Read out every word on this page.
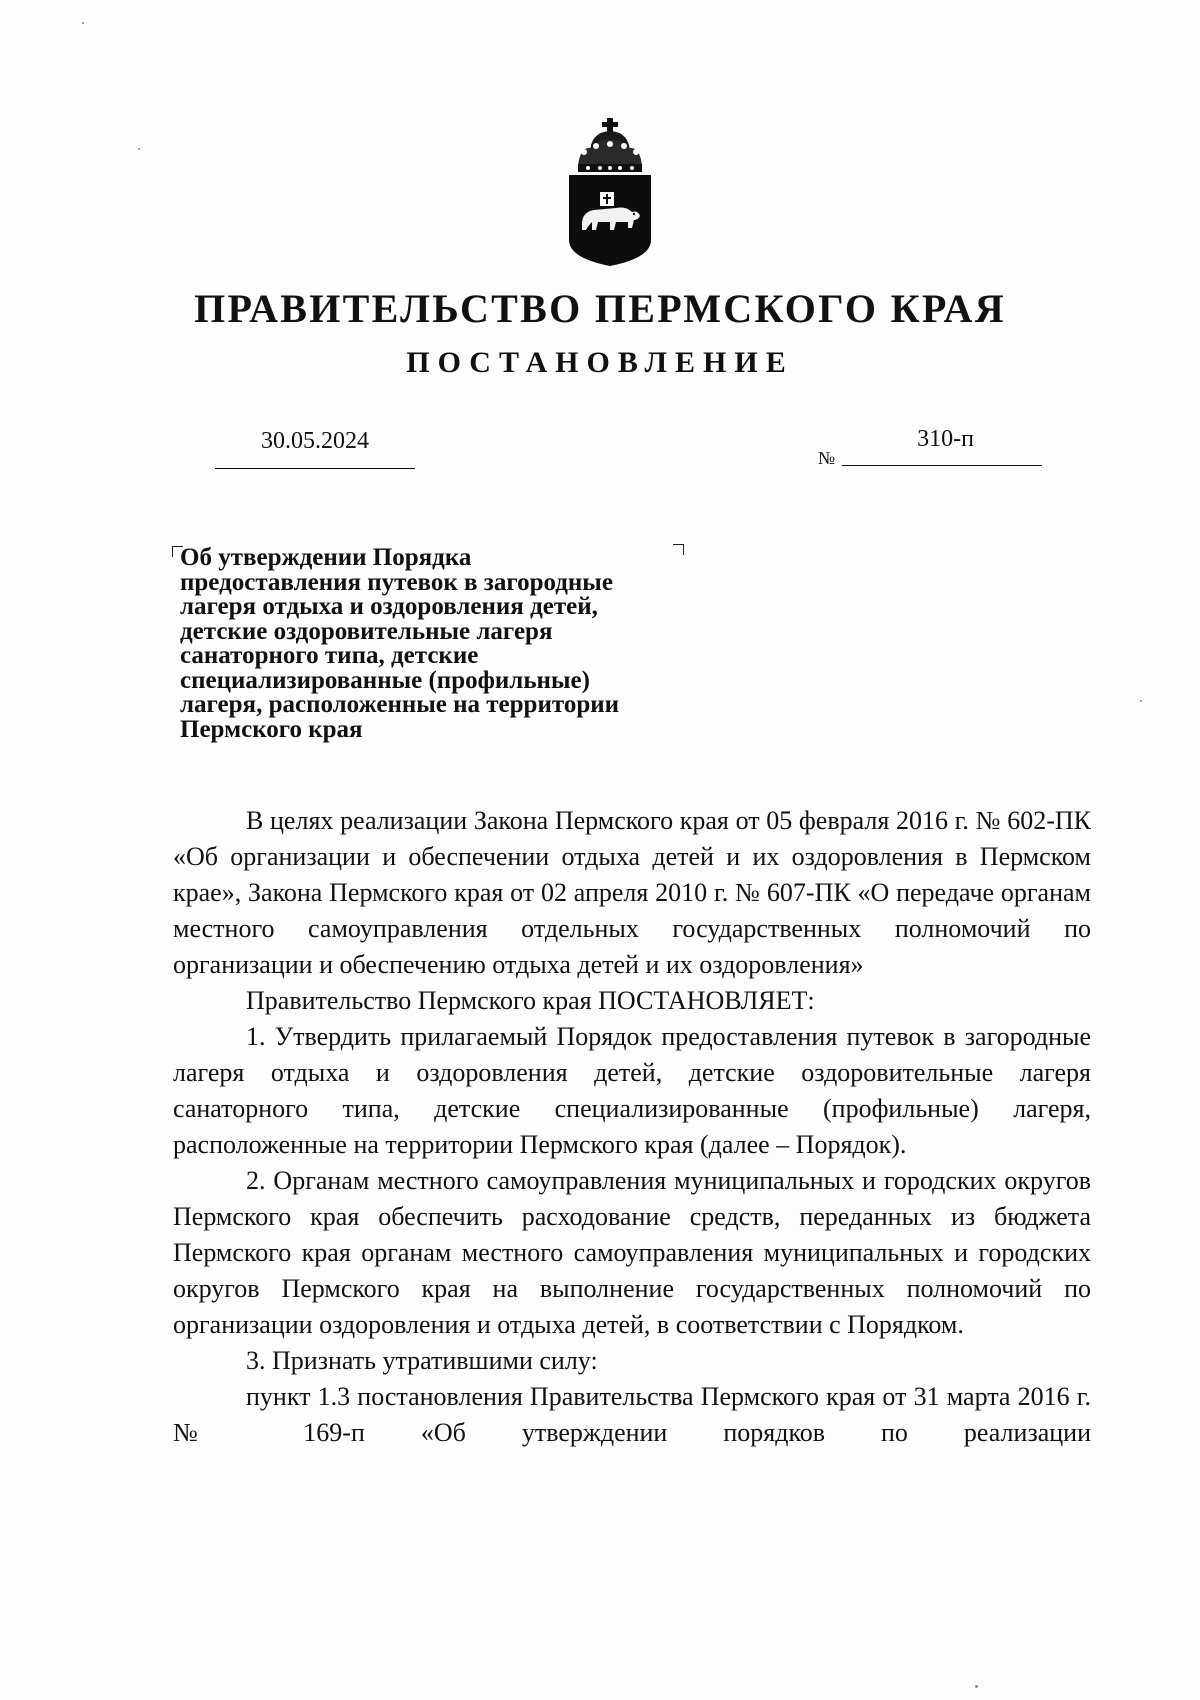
ПРАВИТЕЛЬСТВО ПЕРМСКОГО КРАЯ
ПОСТАНОВЛЕНИЕ
30.05.2024
№
310-п
Об утверждении Порядка
предоставления путевок в загородные
лагеря отдыха и оздоровления детей,
детские оздоровительные лагеря
санаторного типа, детские
специализированные (профильные)
лагеря, расположенные на территории
Пермского края

В целях реализации Закона Пермского края от 05 февраля 2016 г. № 602-ПК «Об организации и обеспечении отдыха детей и их оздоровления в Пермском крае», Закона Пермского края от 02 апреля 2010 г. № 607-ПК «О передаче органам местного самоуправления отдельных государственных полномочий по организации и обеспечению отдыха детей и их оздоровления»

Правительство Пермского края ПОСТАНОВЛЯЕТ:

1. Утвердить прилагаемый Порядок предоставления путевок в загородные лагеря отдыха и оздоровления детей, детские оздоровительные лагеря санаторного типа, детские специализированные (профильные) лагеря, расположенные на территории Пермского края (далее – Порядок).

2. Органам местного самоуправления муниципальных и городских округов Пермского края обеспечить расходование средств, переданных из бюджета Пермского края органам местного самоуправления муниципальных и городских округов Пермского края на выполнение государственных полномочий по организации оздоровления и отдыха детей, в соответствии с Порядком.

3. Признать утратившими силу:

пункт 1.3 постановления Правительства Пермского края от 31 марта 2016 г. № 169-п «Об утверждении порядков по реализации
